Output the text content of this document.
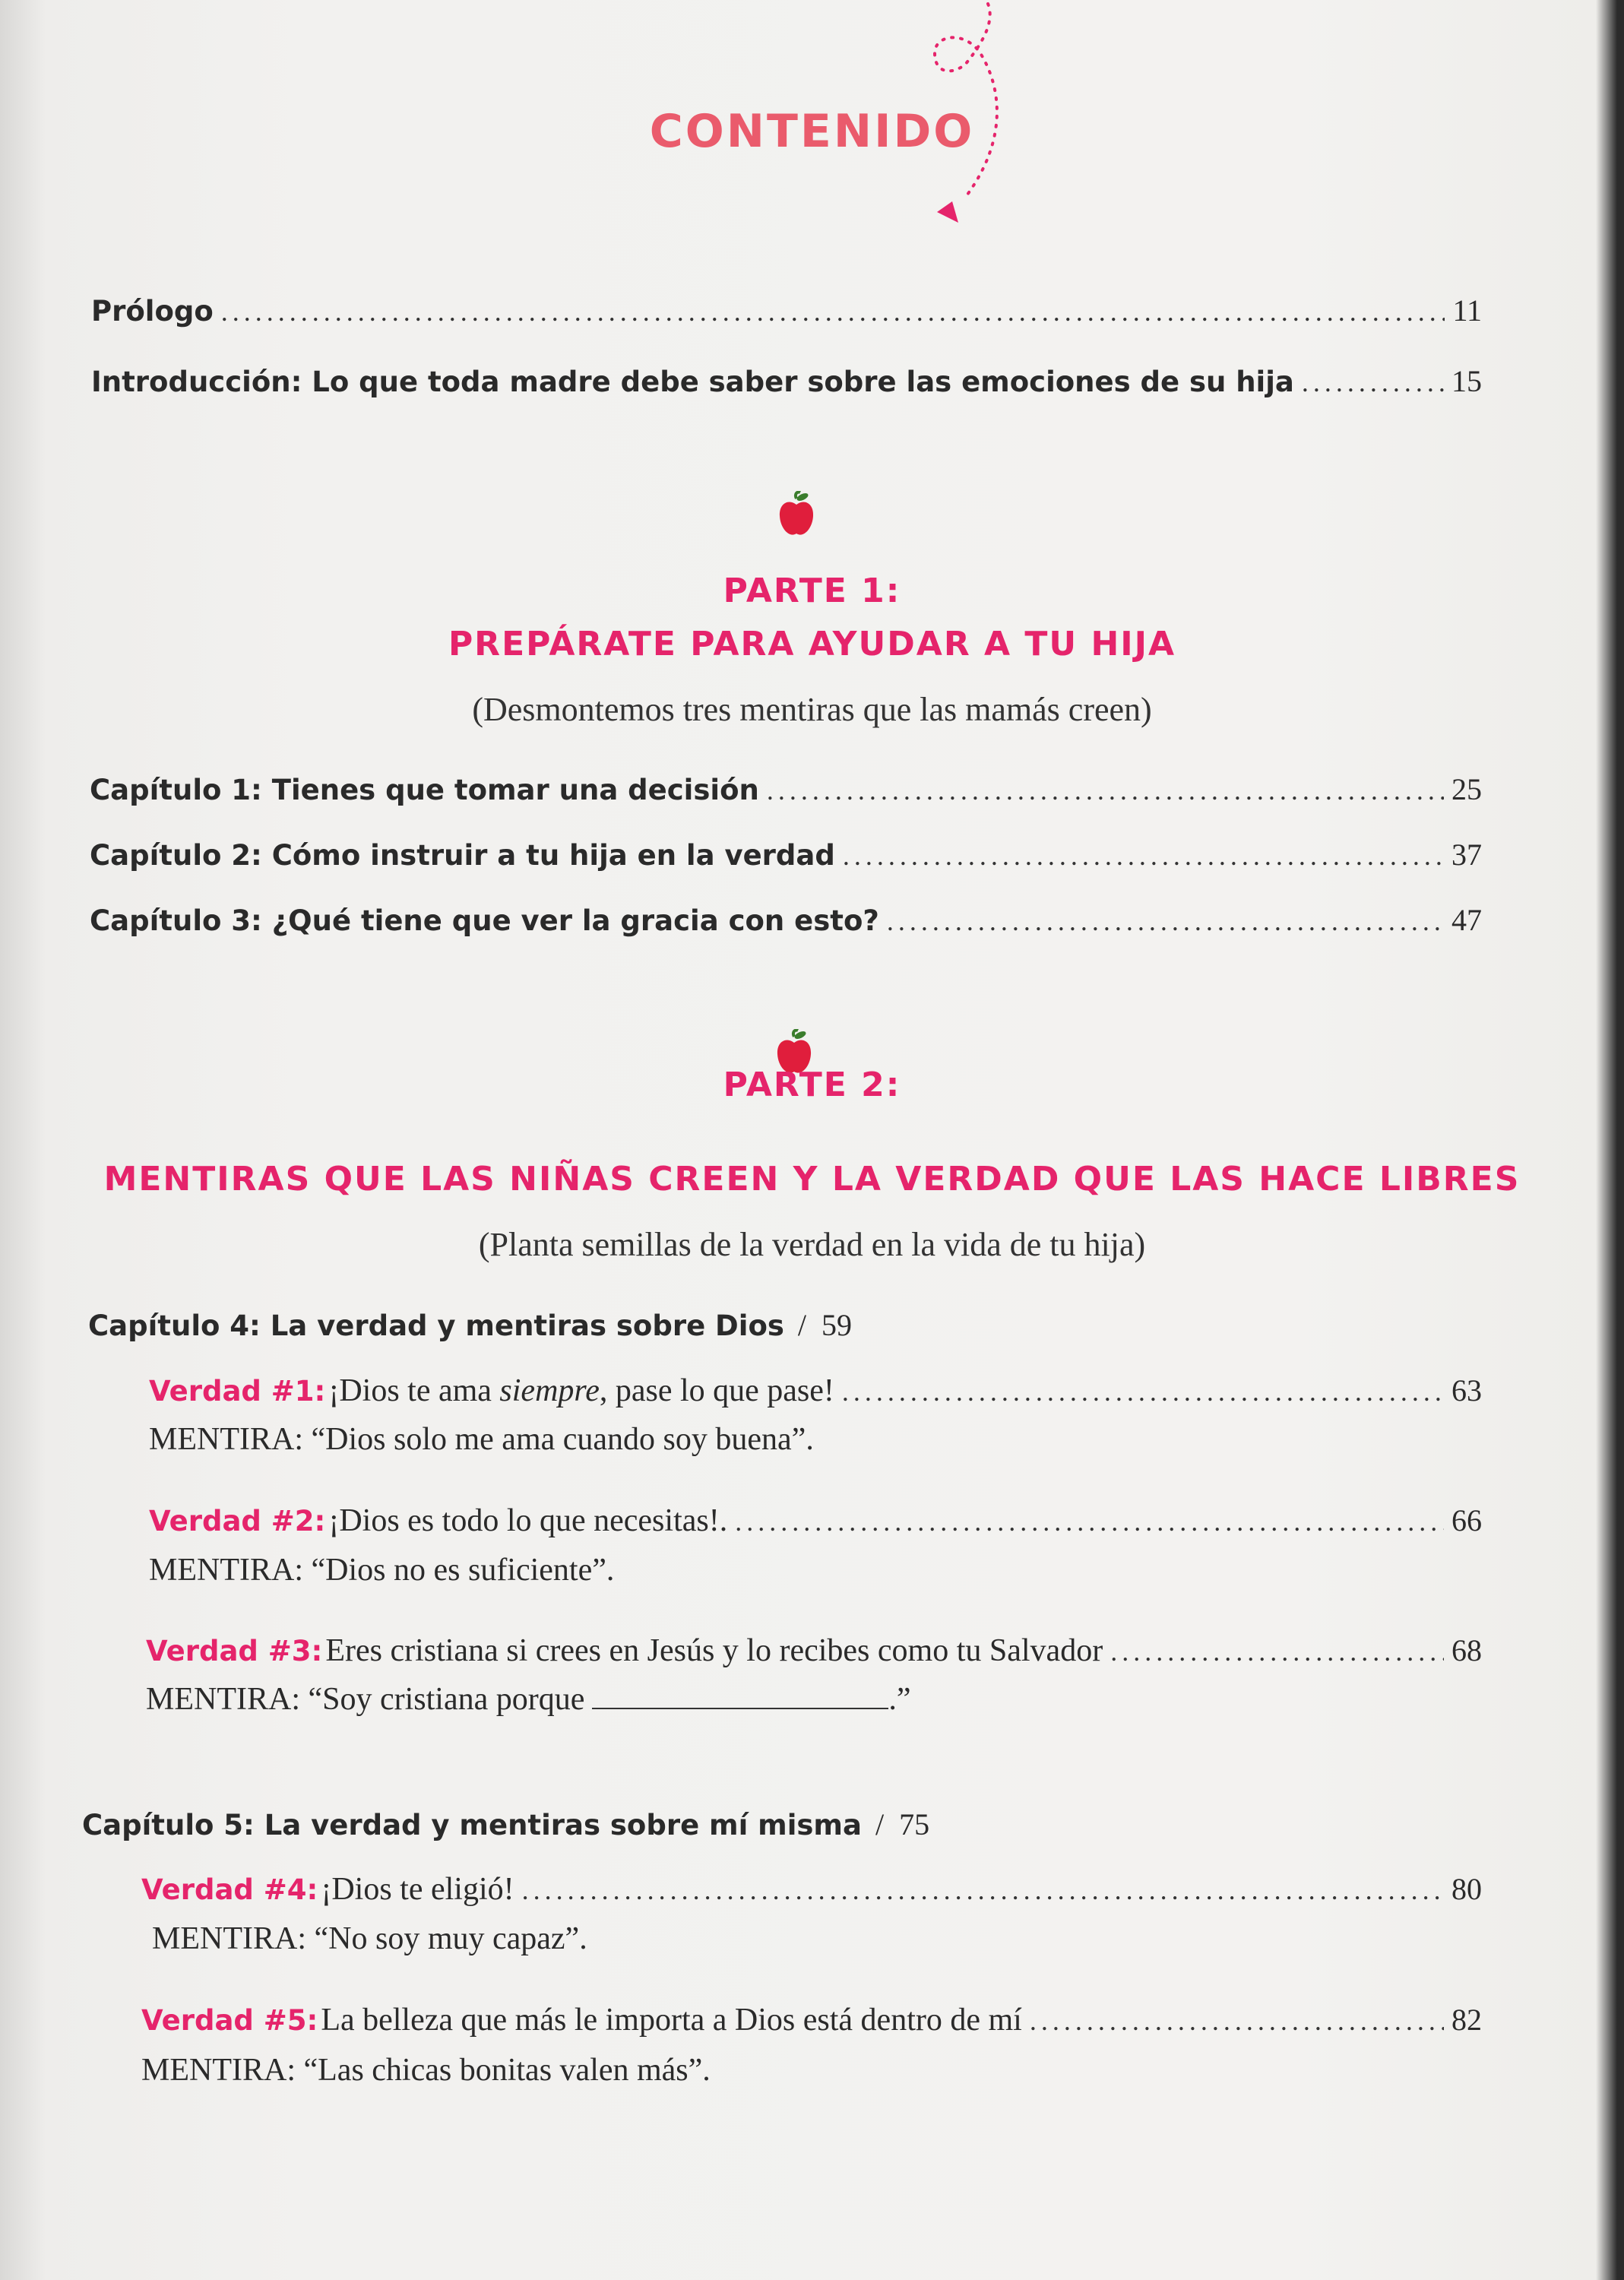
CONTENIDO
Prólogo .....	11
Introducción: Lo que toda madre debe saber sobre las emociones de su hija .....	15
PARTE 1:
PREPÁRATE PARA AYUDAR A TU HIJA
(Desmontemos tres mentiras que las mamás creen)
Capítulo 1: Tienes que tomar una decisión .....	25
Capítulo 2: Cómo instruir a tu hija en la verdad .....	37
Capítulo 3: ¿Qué tiene que ver la gracia con esto? .....	47
PARTE 2:
MENTIRAS QUE LAS NIÑAS CREEN Y LA VERDAD QUE LAS HACE LIBRES
(Planta semillas de la verdad en la vida de tu hija)
Capítulo 4: La verdad y mentiras sobre Dios /  59
Verdad #1: ¡Dios te ama siempre, pase lo que pase! .....	63
MENTIRA: “Dios solo me ama cuando soy buena”.
Verdad #2: ¡Dios es todo lo que necesitas!. .....	66
MENTIRA: “Dios no es suficiente”.
Verdad #3: Eres cristiana si crees en Jesús y lo recibes como tu Salvador .....	68
MENTIRA: “Soy cristiana porque	.”
Capítulo 5: La verdad y mentiras sobre mí misma /  75
Verdad #4: ¡Dios te eligió! .....	80
MENTIRA: “No soy muy capaz”.
Verdad #5: La belleza que más le importa a Dios está dentro de mí .....	82
MENTIRA: “Las chicas bonitas valen más”.
